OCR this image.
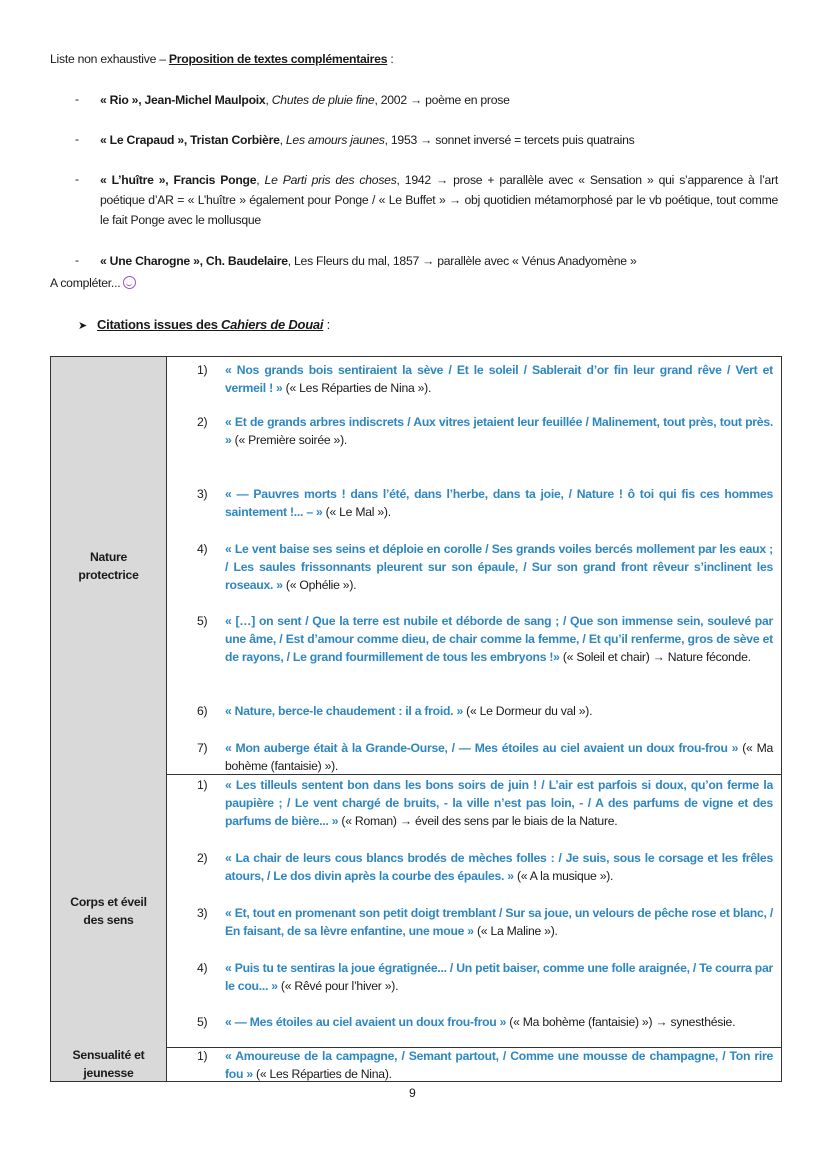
Liste non exhaustive – Proposition de textes complémentaires :
- « Rio », Jean-Michel Maulpoix, Chutes de pluie fine, 2002 → poème en prose
- « Le Crapaud », Tristan Corbière, Les amours jaunes, 1953 → sonnet inversé = tercets puis quatrains
- « L’huître », Francis Ponge, Le Parti pris des choses, 1942 → prose + parallèle avec « Sensation » qui s’apparence à l’art poétique d’AR = « L’huître » également pour Ponge / « Le Buffet » → obj quotidien métamorphosé par le vb poétique, tout comme le fait Ponge avec le mollusque
- « Une Charogne », Ch. Baudelaire, Les Fleurs du mal, 1857 → parallèle avec « Vénus Anadyomène »
A compléter...
➤ Citations issues des Cahiers de Douai :
Nature protectrice
1) « Nos grands bois sentiraient la sève / Et le soleil / Sablerait d’or fin leur grand rêve / Vert et vermeil ! » (« Les Réparties de Nina »).
2) « Et de grands arbres indiscrets / Aux vitres jetaient leur feuillée / Malinement, tout près, tout près. » (« Première soirée »).
3) « — Pauvres morts ! dans l’été, dans l’herbe, dans ta joie, / Nature ! ô toi qui fis ces hommes saintement !... – » (« Le Mal »).
4) « Le vent baise ses seins et déploie en corolle / Ses grands voiles bercés mollement par les eaux ; / Les saules frissonnants pleurent sur son épaule, / Sur son grand front rêveur s’inclinent les roseaux. » (« Ophélie »).
5) « […] on sent / Que la terre est nubile et déborde de sang ; / Que son immense sein, soulevé par une âme, / Est d’amour comme dieu, de chair comme la femme, / Et qu’il renferme, gros de sève et de rayons, / Le grand fourmillement de tous les embryons !» (« Soleil et chair) → Nature féconde.
6) « Nature, berce-le chaudement : il a froid. » (« Le Dormeur du val »).
7) « Mon auberge était à la Grande-Ourse, / — Mes étoiles au ciel avaient un doux frou-frou » (« Ma bohème (fantaisie) »).
Corps et éveil des sens
1) « Les tilleuls sentent bon dans les bons soirs de juin ! / L’air est parfois si doux, qu’on ferme la paupière ; / Le vent chargé de bruits, - la ville n’est pas loin, - / A des parfums de vigne et des parfums de bière... » (« Roman) → éveil des sens par le biais de la Nature.
2) « La chair de leurs cous blancs brodés de mèches folles : / Je suis, sous le corsage et les frêles atours, / Le dos divin après la courbe des épaules. » (« A la musique »).
3) « Et, tout en promenant son petit doigt tremblant / Sur sa joue, un velours de pêche rose et blanc, / En faisant, de sa lèvre enfantine, une moue » (« La Maline »).
4) « Puis tu te sentiras la joue égratignée... / Un petit baiser, comme une folle araignée, / Te courra par le cou... » (« Rêvé pour l’hiver »).
5) « — Mes étoiles au ciel avaient un doux frou-frou » (« Ma bohème (fantaisie) ») → synesthésie.
Sensualité et jeunesse
1) « Amoureuse de la campagne, / Semant partout, / Comme une mousse de champagne, / Ton rire fou » (« Les Réparties de Nina).
9
